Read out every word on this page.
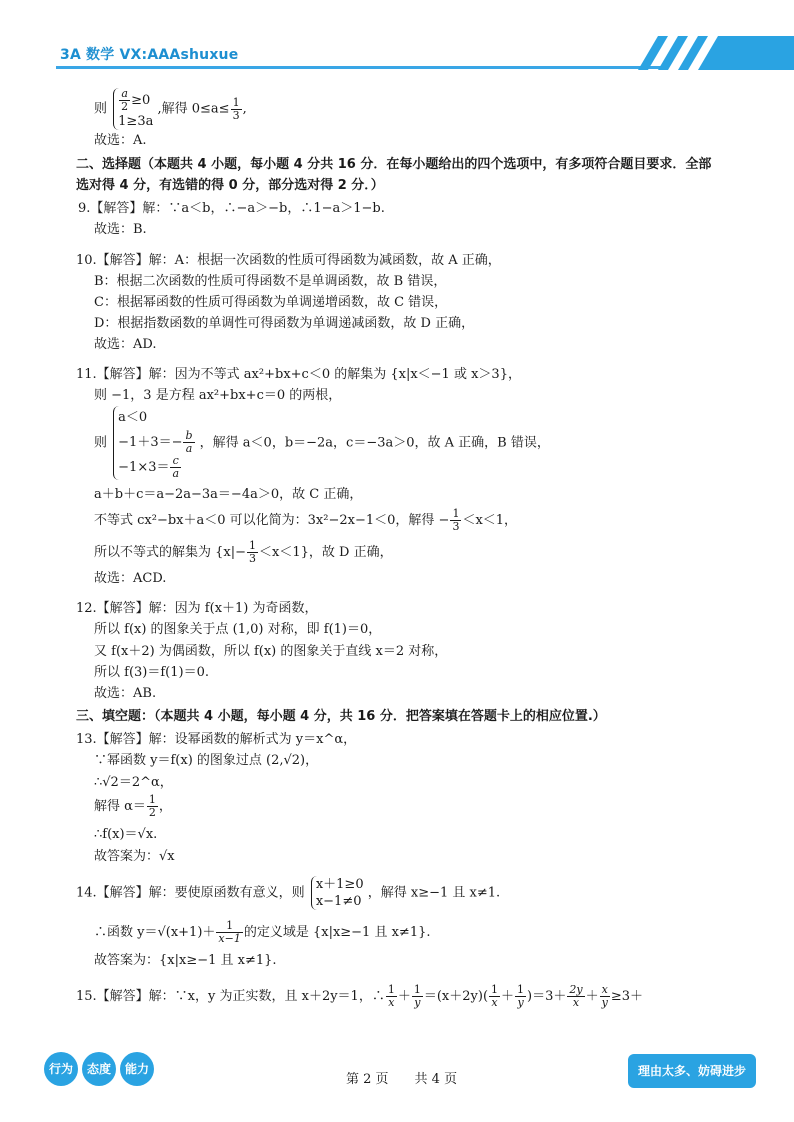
3A 数学 VX:AAAshuxue
则 $\frac{a}{2} \ge 0$
1≥3a
,解得 $0\le a\le \frac{1}{3}$ ,
故选：A.
二、选择题（本题共 4 小题，每小题 4 分共 16 分．在每小题给出的四个选项中，有多项符合题目要求．全部
选对得 4 分，有选错的得 0 分，部分选对得 2 分．）
9.【解答】解：∵a＜b，∴−a＞−b，∴1−a＞1−b.
故选：B.
10.【解答】解：A：根据一次函数的性质可得函数为减函数，故 A 正确，
B：根据二次函数的性质可得函数不是单调函数，故 B 错误，
C：根据幂函数的性质可得函数为单调递增函数，故 C 错误，
D：根据指数函数的单调性可得函数为单调递减函数，故 D 正确，
故选：AD.
11.【解答】解：因为不等式 ax²+bx+c＜0 的解集为 {x|x＜−1 或 x＞3}，
则 −1，3 是方程 ax²+bx+c＝0 的两根，
则
a＜0
$-1+3=- \frac{b}{a}$
$-1\times 3= \frac{c}{a}$
，解得 a＜0，b＝−2a，c＝−3a＞0，故 A 正确，B 错误，
a＋b＋c＝a−2a−3a＝−4a＞0，故 C 正确，
不等式 cx²−bx＋a＜0 可以化简为：3x²−2x−1＜0，解得 − $\frac{1}{3} <x<1$，
所以不等式的解集为 $\{x|- \frac{1}{3} <x<1\}$，故 D 正确，
故选：ACD.
12.【解答】解：因为 f(x＋1) 为奇函数，
所以 f(x) 的图象关于点 (1,0) 对称，即 f(1)＝0，
又 f(x＋2) 为偶函数，所以 f(x) 的图象关于直线 x＝2 对称，
所以 f(3)＝f(1)＝0.
故选：AB.
三、填空题：（本题共 4 小题，每小题 4 分，共 16 分．把答案填在答题卡上的相应位置.）
13.【解答】解：设幂函数的解析式为 y＝x^α，
∵幂函数 y＝f(x) 的图象过点 (2,√2)，
∴√2＝2^α，
解得 $\alpha= \frac{1}{2}$ ，
∴f(x)＝√x.
故答案为：√x
14.【解答】解：要使原函数有意义，则
x＋1≥0
x−1≠0
，解得 x≥−1 且 x≠1.
∴函数 $y=√(x+1)+ \frac{1}{x-1}$ 的定义域是 {x|x≥−1 且 x≠1}.
故答案为：{x|x≥−1 且 x≠1}.
15.【解答】解：∵x，y 为正实数，且 x＋2y＝1，∴ $\frac{1}{x} + \frac{1}{y} =(x+2y)( \frac{1}{x} + \frac{1}{y} )=3+ \frac{2y}{x} + \frac{x}{y} \ge 3+$
行为	态度	能力
第 2 页　　共 4 页
理由太多、妨碍进步
